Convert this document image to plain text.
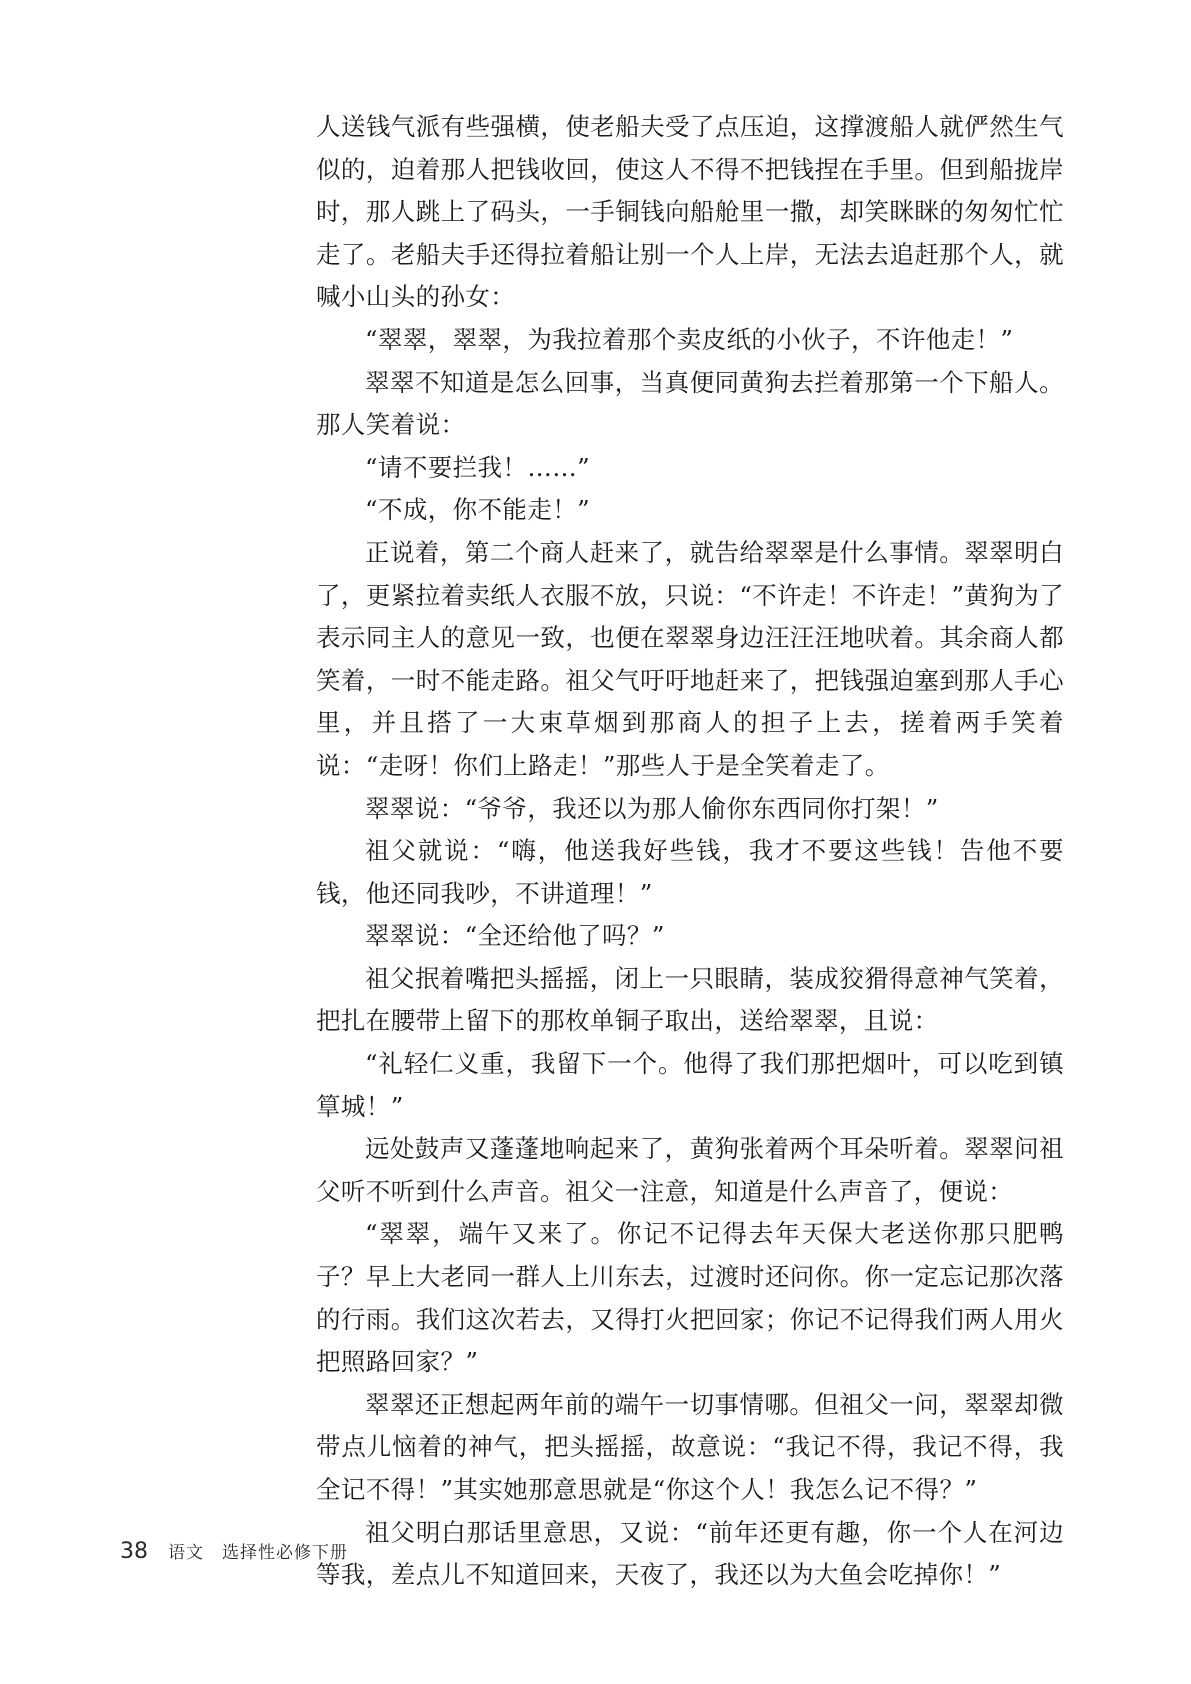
人送钱气派有些强横，使老船夫受了点压迫，这撑渡船人就俨然生气似的，迫着那人把钱收回，使这人不得不把钱捏在手里。但到船拢岸时，那人跳上了码头，一手铜钱向船舱里一撒，却笑眯眯的匆匆忙忙走了。老船夫手还得拉着船让别一个人上岸，无法去追赶那个人，就喊小山头的孙女：

“翠翠，翠翠，为我拉着那个卖皮纸的小伙子，不许他走！”

翠翠不知道是怎么回事，当真便同黄狗去拦着那第一个下船人。那人笑着说：

“请不要拦我！……”

“不成，你不能走！”

正说着，第二个商人赶来了，就告给翠翠是什么事情。翠翠明白了，更紧拉着卖纸人衣服不放，只说：“不许走！不许走！”黄狗为了表示同主人的意见一致，也便在翠翠身边汪汪汪地吠着。其余商人都笑着，一时不能走路。祖父气吁吁地赶来了，把钱强迫塞到那人手心里，并且搭了一大束草烟到那商人的担子上去，搓着两手笑着说：“走呀！你们上路走！”那些人于是全笑着走了。

翠翠说：“爷爷，我还以为那人偷你东西同你打架！”

祖父就说：“嗨，他送我好些钱，我才不要这些钱！告他不要钱，他还同我吵，不讲道理！”

翠翠说：“全还给他了吗？”

祖父抿着嘴把头摇摇，闭上一只眼睛，装成狡猾得意神气笑着，把扎在腰带上留下的那枚单铜子取出，送给翠翠，且说：

“礼轻仁义重，我留下一个。他得了我们那把烟叶，可以吃到镇筸城！”

远处鼓声又蓬蓬地响起来了，黄狗张着两个耳朵听着。翠翠问祖父听不听到什么声音。祖父一注意，知道是什么声音了，便说：

“翠翠，端午又来了。你记不记得去年天保大老送你那只肥鸭子？早上大老同一群人上川东去，过渡时还问你。你一定忘记那次落的行雨。我们这次若去，又得打火把回家；你记不记得我们两人用火把照路回家？”

翠翠还正想起两年前的端午一切事情哪。但祖父一问，翠翠却微带点儿恼着的神气，把头摇摇，故意说：“我记不得，我记不得，我全记不得！”其实她那意思就是“你这个人！我怎么记不得？”

祖父明白那话里意思，又说：“前年还更有趣，你一个人在河边等我，差点儿不知道回来，天夜了，我还以为大鱼会吃掉你！”

38 语文　选择性必修下册
